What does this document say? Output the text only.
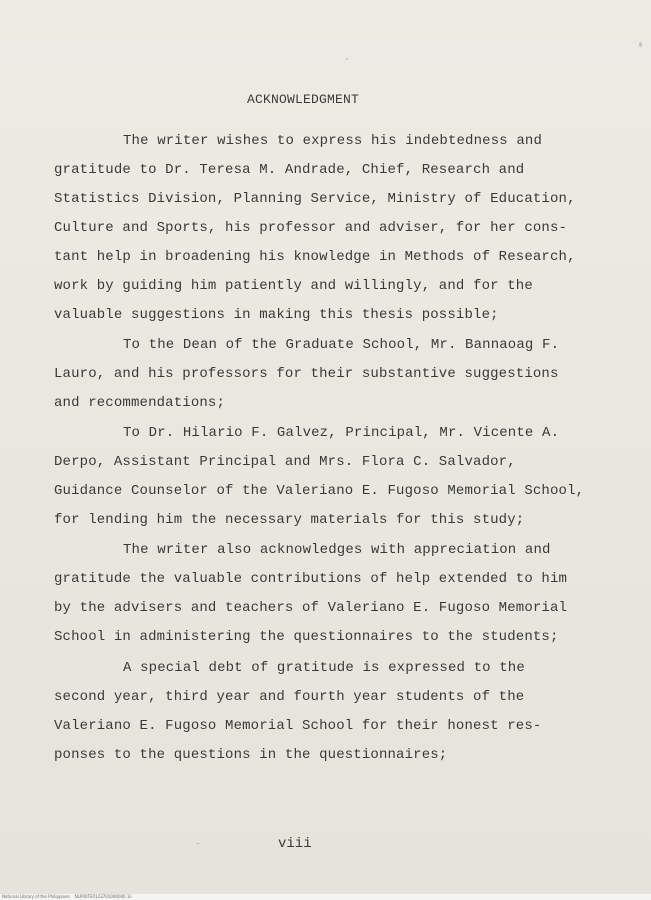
ACKNOWLEDGMENT
The writer wishes to express his indebtedness and
gratitude to Dr. Teresa M. Andrade, Chief, Research and
Statistics Division, Planning Service, Ministry of Education,
Culture and Sports, his professor and adviser, for her cons-
tant help in broadening his knowledge in Methods of Research,
work by guiding him patiently and willingly, and for the
valuable suggestions in making this thesis possible;
To the Dean of the Graduate School, Mr. Bannaoag F.
Lauro, and his professors for their substantive suggestions
and recommendations;
To Dr. Hilario F. Galvez, Principal, Mr. Vicente A.
Derpo, Assistant Principal and Mrs. Flora C. Salvador,
Guidance Counselor of the Valeriano E. Fugoso Memorial School,
for lending him the necessary materials for this study;
The writer also acknowledges with appreciation and
gratitude the valuable contributions of help extended to him
by the advisers and teachers of Valeriano E. Fugoso Memorial
School in administering the questionnaires to the students;
A special debt of gratitude is expressed to the
second year, third year and fourth year students of the
Valeriano E. Fugoso Memorial School for their honest res-
ponses to the questions in the questionnaires;
viii
National Library of the Philippines    NLP00TE0123701000000 1ii
